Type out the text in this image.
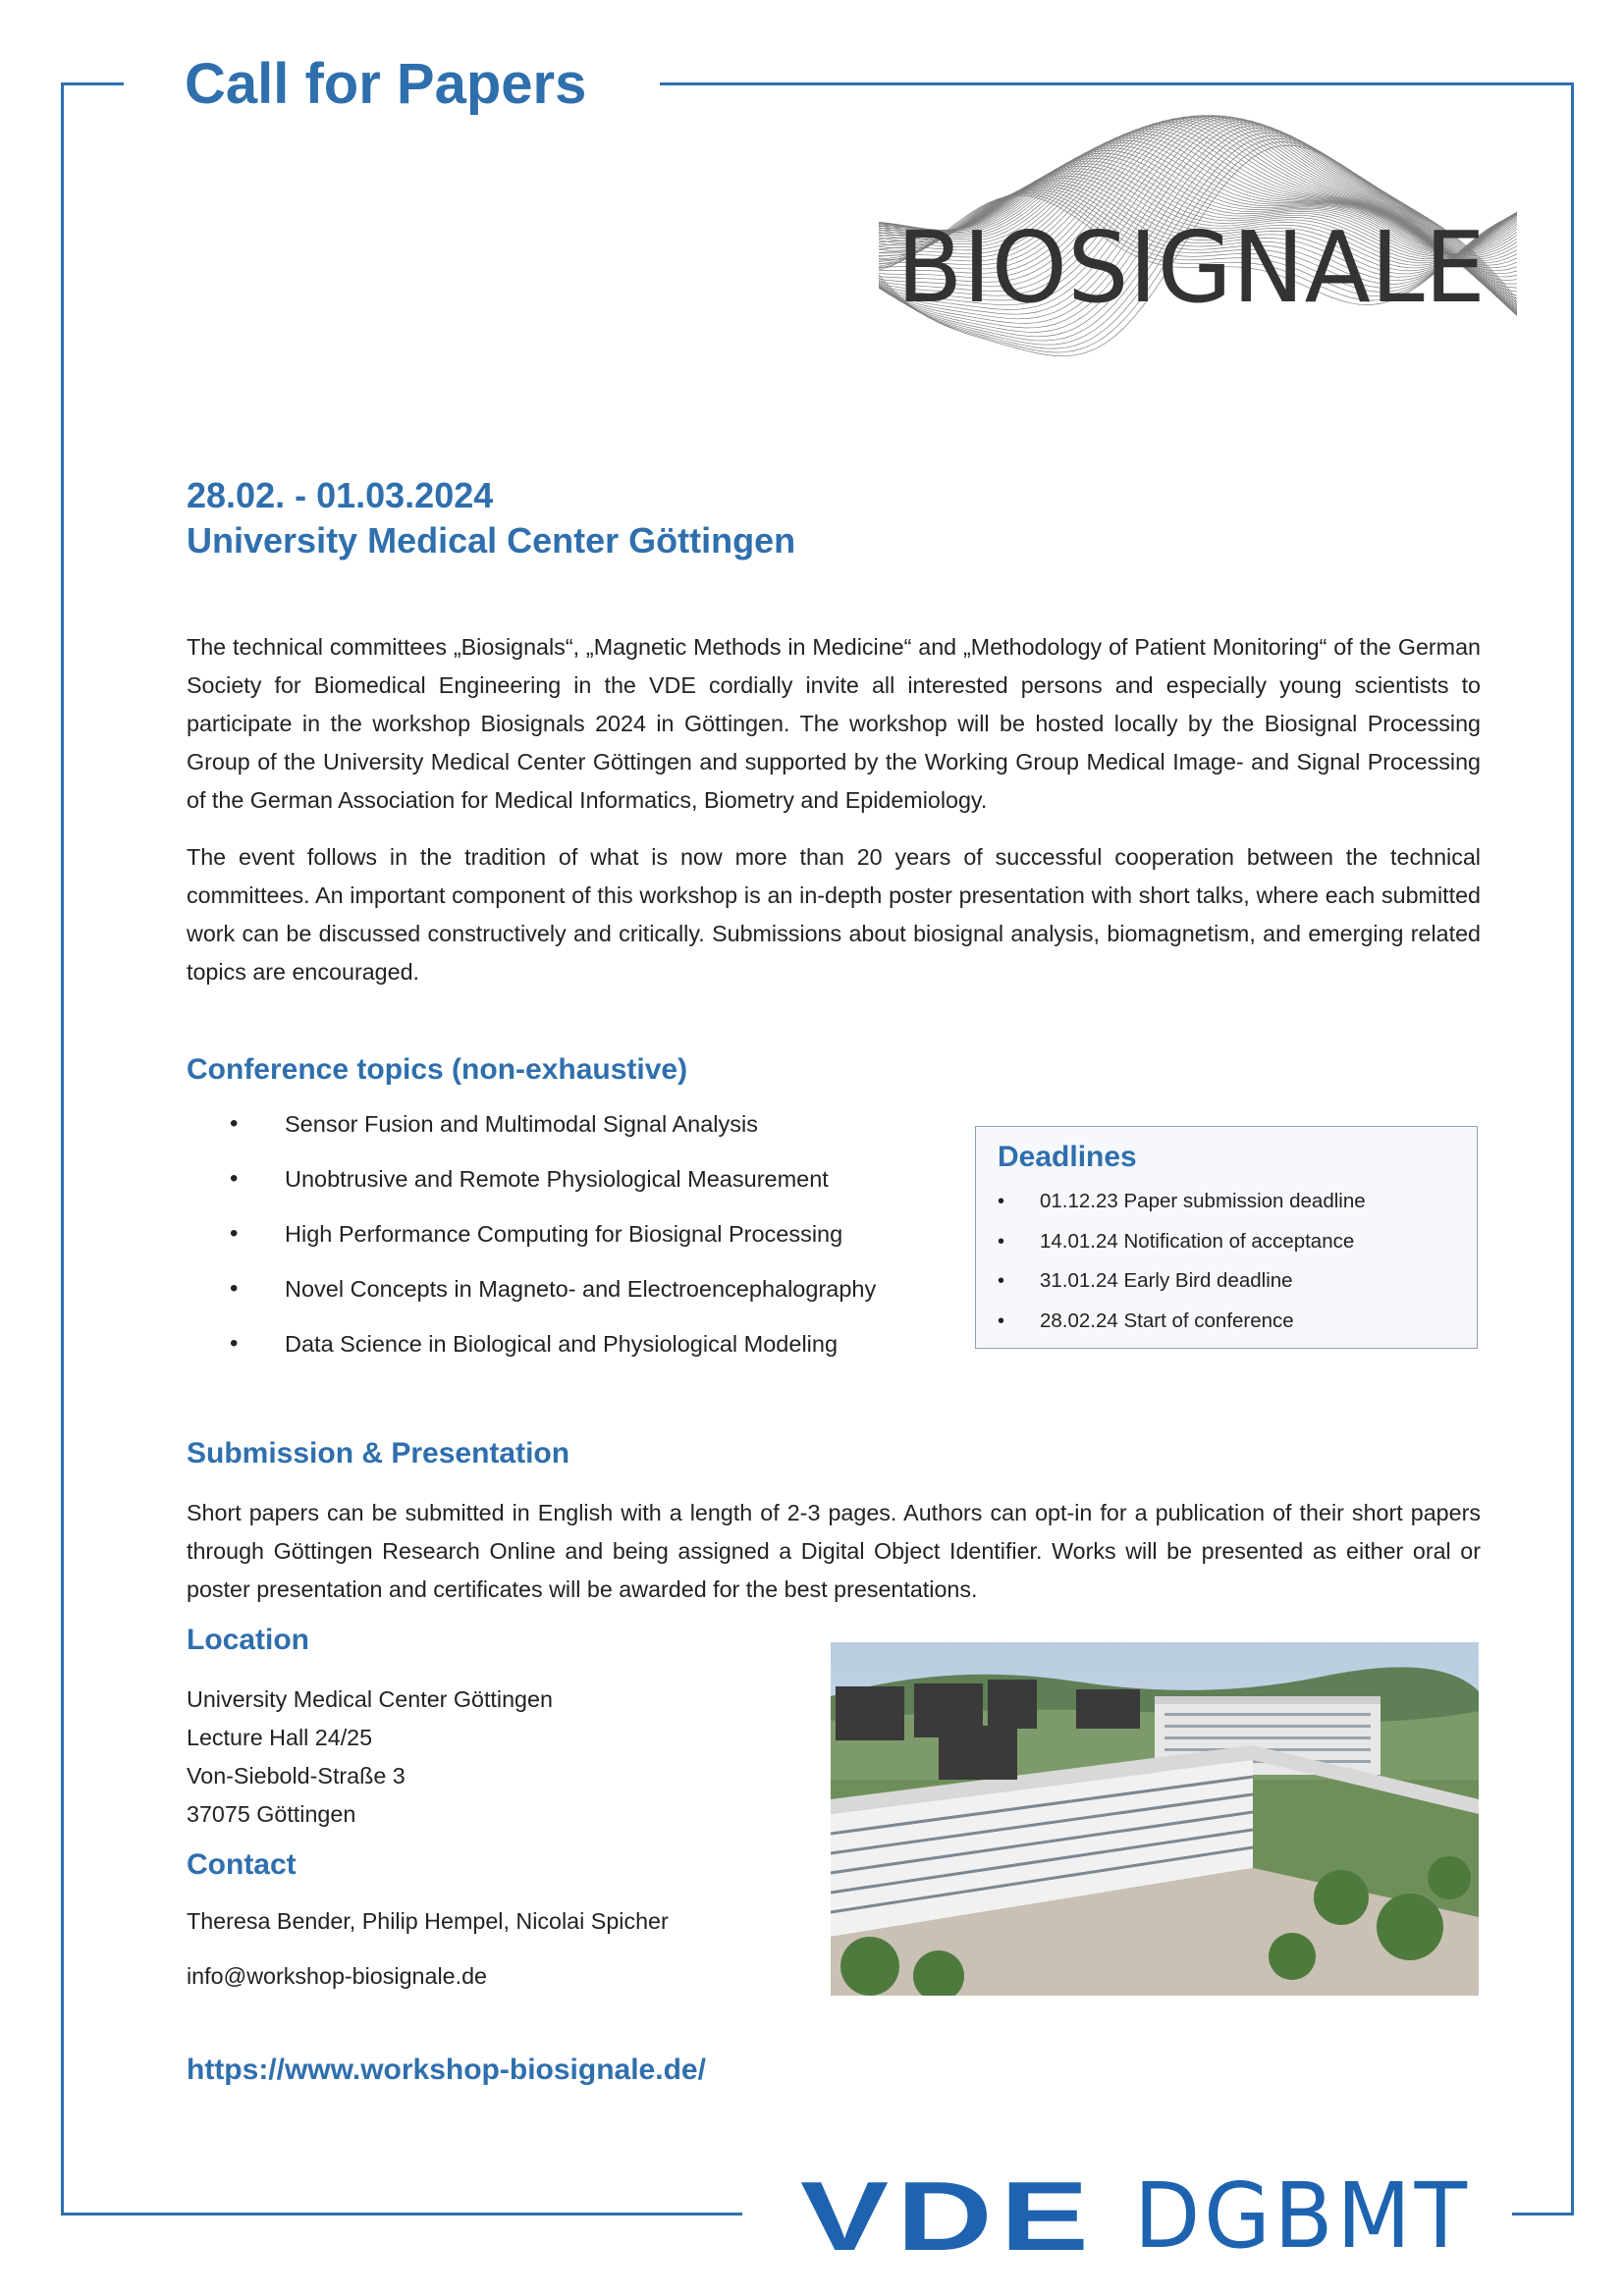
Call for Papers
BIOSIGNALE
28.02. - 01.03.2024
University Medical Center Göttingen
The technical committees „Biosignals“, „Magnetic Methods in Medicine“ and „Methodology of Patient Monitoring“ of the German Society for Biomedical Engineering in the VDE cordially invite all interested persons and especially young scientists to participate in the workshop Biosignals 2024 in Göttingen. The workshop will be hosted locally by the Biosignal Processing Group of the University Medical Center Göttingen and supported by the Working Group Medical Image- and Signal Processing of the German Association for Medical Informatics, Biometry and Epidemiology.
The event follows in the tradition of what is now more than 20 years of successful cooperation between the technical committees. An important component of this workshop is an in-depth poster presentation with short talks, where each submitted work can be discussed constructively and critically. Submissions about biosignal analysis, biomagnetism, and emerging related topics are encouraged.
Conference topics (non-exhaustive)
• Sensor Fusion and Multimodal Signal Analysis
• Unobtrusive and Remote Physiological Measurement
• High Performance Computing for Biosignal Processing
• Novel Concepts in Magneto- and Electroencephalography
• Data Science in Biological and Physiological Modeling
Deadlines
• 01.12.23 Paper submission deadline
• 14.01.24 Notification of acceptance
• 31.01.24 Early Bird deadline
• 28.02.24 Start of conference
Submission & Presentation
Short papers can be submitted in English with a length of 2-3 pages. Authors can opt-in for a publication of their short papers through Göttingen Research Online and being assigned a Digital Object Identifier. Works will be presented as either oral or poster presentation and certificates will be awarded for the best presentations.
Location
University Medical Center Göttingen
Lecture Hall 24/25
Von-Siebold-Straße 3
37075 Göttingen
Contact
Theresa Bender, Philip Hempel, Nicolai Spicher
info@workshop-biosignale.de
https://www.workshop-biosignale.de/
VDE DGBMT
